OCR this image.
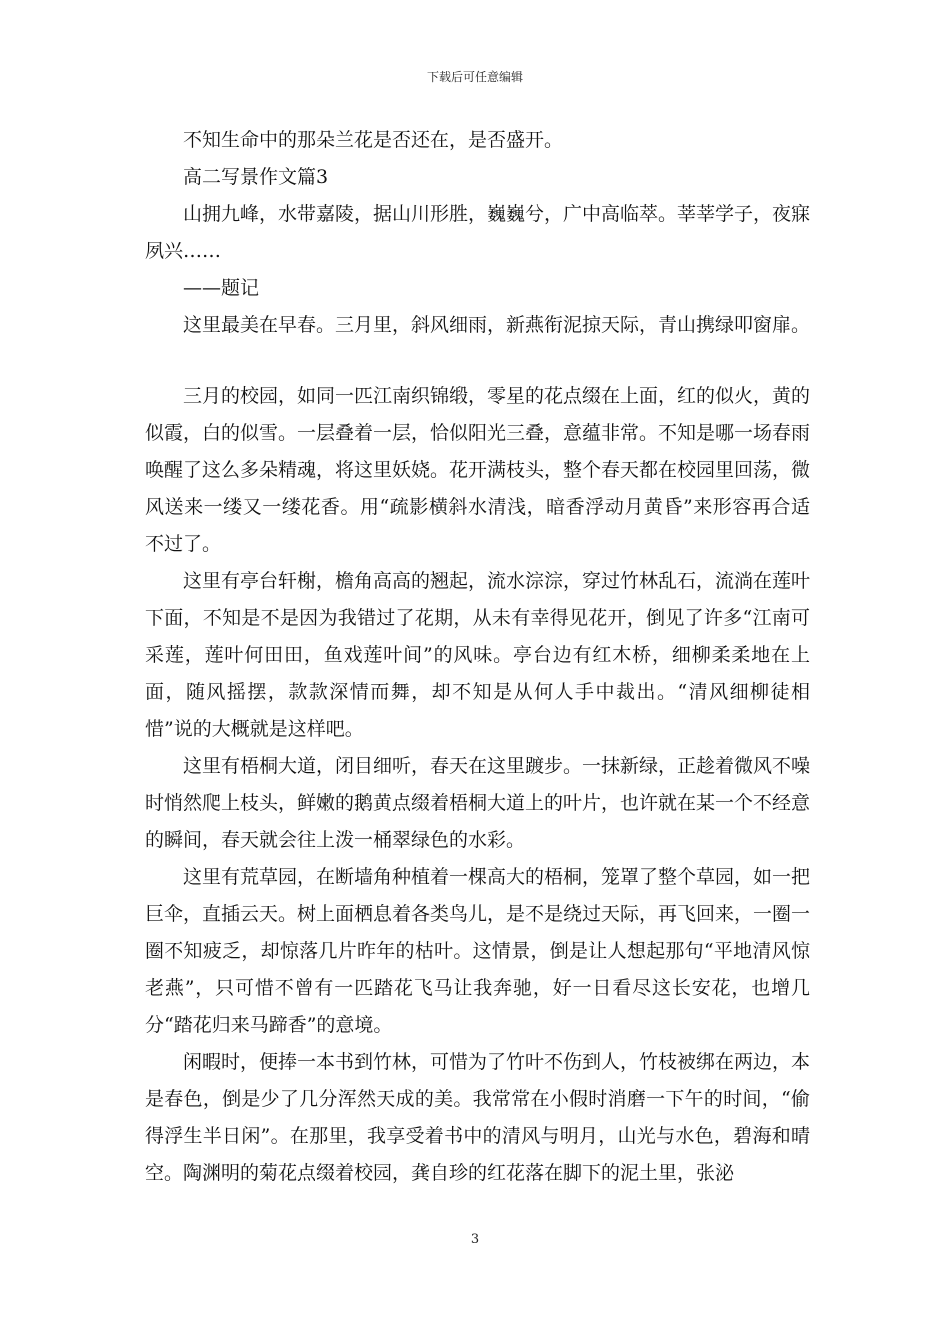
下载后可任意编辑

不知生命中的那朵兰花是否还在，是否盛开。

高二写景作文篇3

山拥九峰，水带嘉陵，据山川形胜，巍巍兮，广中高临萃。莘莘学子，夜寐夙兴……

——题记

这里最美在早春。三月里，斜风细雨，新燕衔泥掠天际，青山携绿叩窗扉。

三月的校园，如同一匹江南织锦缎，零星的花点缀在上面，红的似火，黄的似霞，白的似雪。一层叠着一层，恰似阳光三叠，意蕴非常。不知是哪一场春雨唤醒了这么多朵精魂，将这里妖娆。花开满枝头，整个春天都在校园里回荡，微风送来一缕又一缕花香。用“疏影横斜水清浅，暗香浮动月黄昏”来形容再合适不过了。

这里有亭台轩榭，檐角高高的翘起，流水淙淙，穿过竹林乱石，流淌在莲叶下面，不知是不是因为我错过了花期，从未有幸得见花开，倒见了许多“江南可采莲，莲叶何田田，鱼戏莲叶间”的风味。亭台边有红木桥，细柳柔柔地在上面，随风摇摆，款款深情而舞，却不知是从何人手中裁出。“清风细柳徒相惜”说的大概就是这样吧。

这里有梧桐大道，闭目细听，春天在这里踱步。一抹新绿，正趁着微风不噪时悄然爬上枝头，鲜嫩的鹅黄点缀着梧桐大道上的叶片，也许就在某一个不经意的瞬间，春天就会往上泼一桶翠绿色的水彩。

这里有荒草园，在断墙角种植着一棵高大的梧桐，笼罩了整个草园，如一把巨伞，直插云天。树上面栖息着各类鸟儿，是不是绕过天际，再飞回来，一圈一圈不知疲乏，却惊落几片昨年的枯叶。这情景，倒是让人想起那句“平地清风惊老燕”，只可惜不曾有一匹踏花飞马让我奔驰，好一日看尽这长安花，也增几分“踏花归来马蹄香”的意境。

闲暇时，便捧一本书到竹林，可惜为了竹叶不伤到人，竹枝被绑在两边，本是春色，倒是少了几分浑然天成的美。我常常在小假时消磨一下午的时间，“偷得浮生半日闲”。在那里，我享受着书中的清风与明月，山光与水色，碧海和晴空。陶渊明的菊花点缀着校园，龚自珍的红花落在脚下的泥土里，张泌

3
